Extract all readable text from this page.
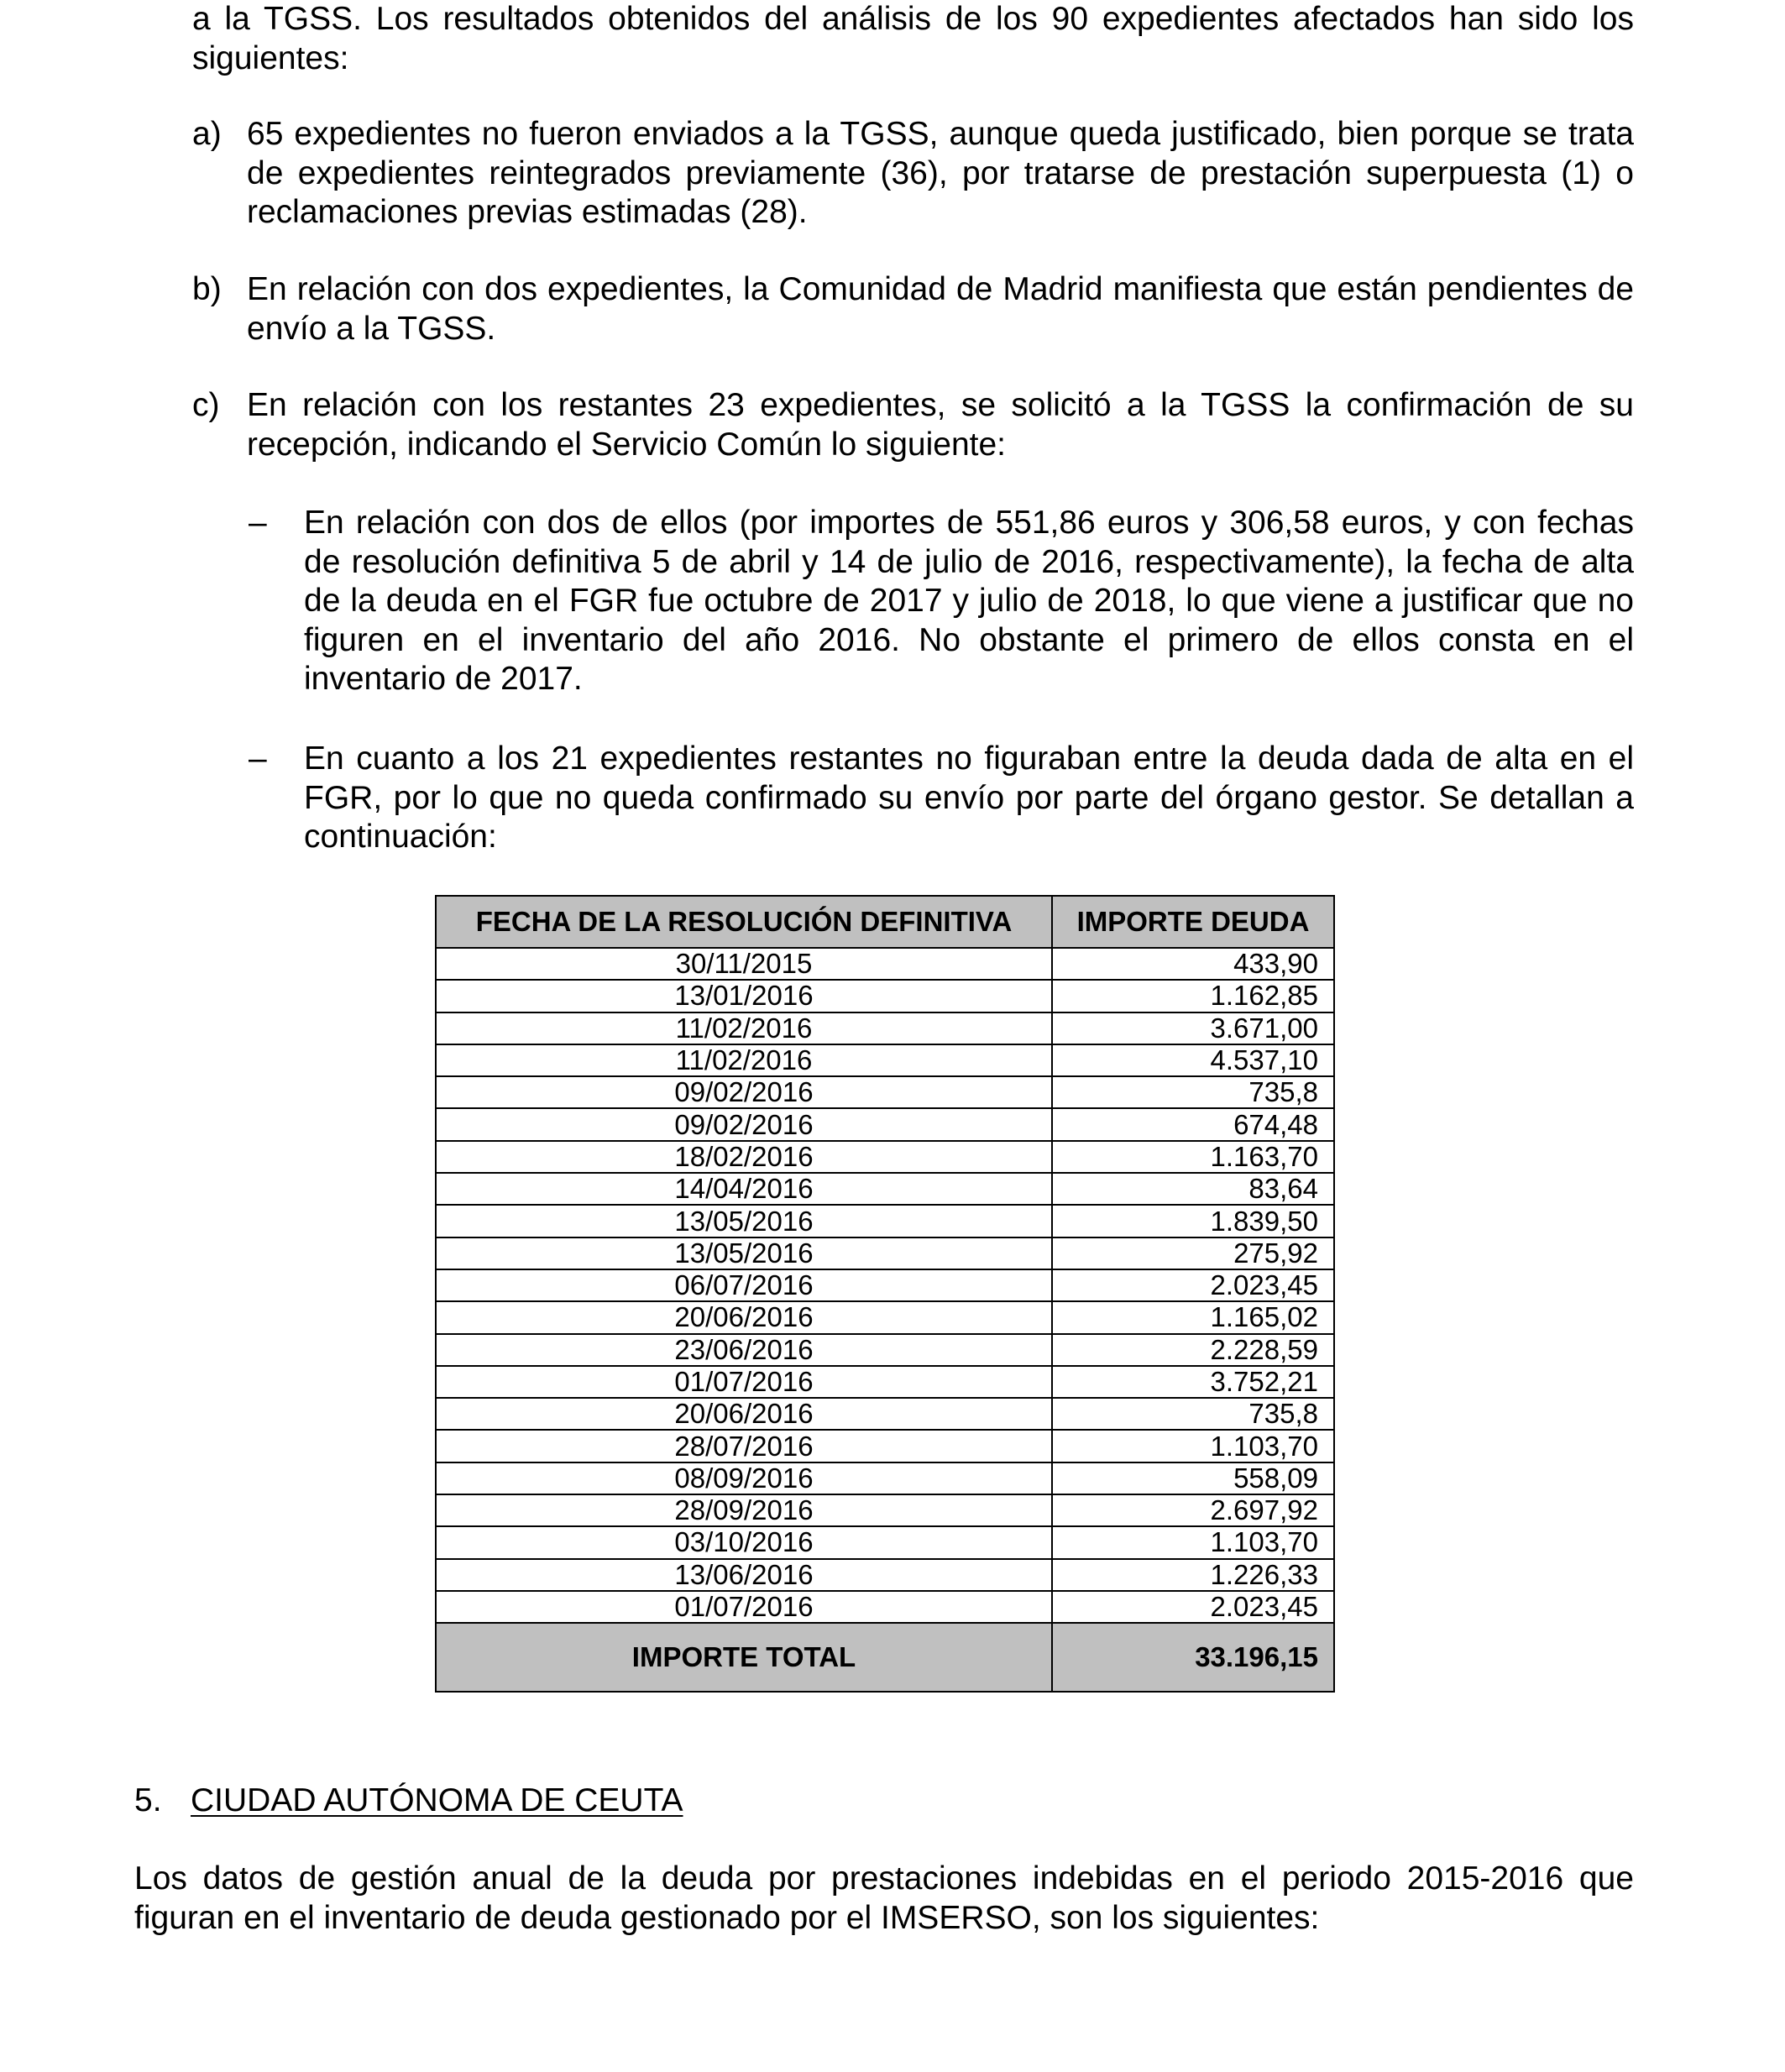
a la TGSS. Los resultados obtenidos del análisis de los 90 expedientes afectados han sido los siguientes:

a) 65 expedientes no fueron enviados a la TGSS, aunque queda justificado, bien porque se trata de expedientes reintegrados previamente (36), por tratarse de prestación superpuesta (1) o reclamaciones previas estimadas (28).
b) En relación con dos expedientes, la Comunidad de Madrid manifiesta que están pendientes de envío a la TGSS.
c) En relación con los restantes 23 expedientes, se solicitó a la TGSS la confirmación de su recepción, indicando el Servicio Común lo siguiente:
– En relación con dos de ellos (por importes de 551,86 euros y 306,58 euros, y con fechas de resolución definitiva 5 de abril y 14 de julio de 2016, respectivamente), la fecha de alta de la deuda en el FGR fue octubre de 2017 y julio de 2018, lo que viene a justificar que no figuren en el inventario del año 2016. No obstante el primero de ellos consta en el inventario de 2017.
– En cuanto a los 21 expedientes restantes no figuraban entre la deuda dada de alta en el FGR, por lo que no queda confirmado su envío por parte del órgano gestor. Se detallan a continuación:
FECHA DE LA RESOLUCIÓN DEFINITIVA	IMPORTE DEUDA
30/11/2015	433,90
13/01/2016	1.162,85
11/02/2016	3.671,00
11/02/2016	4.537,10
09/02/2016	735,8
09/02/2016	674,48
18/02/2016	1.163,70
14/04/2016	83,64
13/05/2016	1.839,50
13/05/2016	275,92
06/07/2016	2.023,45
20/06/2016	1.165,02
23/06/2016	2.228,59
01/07/2016	3.752,21
20/06/2016	735,8
28/07/2016	1.103,70
08/09/2016	558,09
28/09/2016	2.697,92
03/10/2016	1.103,70
13/06/2016	1.226,33
01/07/2016	2.023,45
IMPORTE TOTAL	33.196,15
5. CIUDAD AUTÓNOMA DE CEUTA

Los datos de gestión anual de la deuda por prestaciones indebidas en el periodo 2015-2016 que figuran en el inventario de deuda gestionado por el IMSERSO, son los siguientes:
